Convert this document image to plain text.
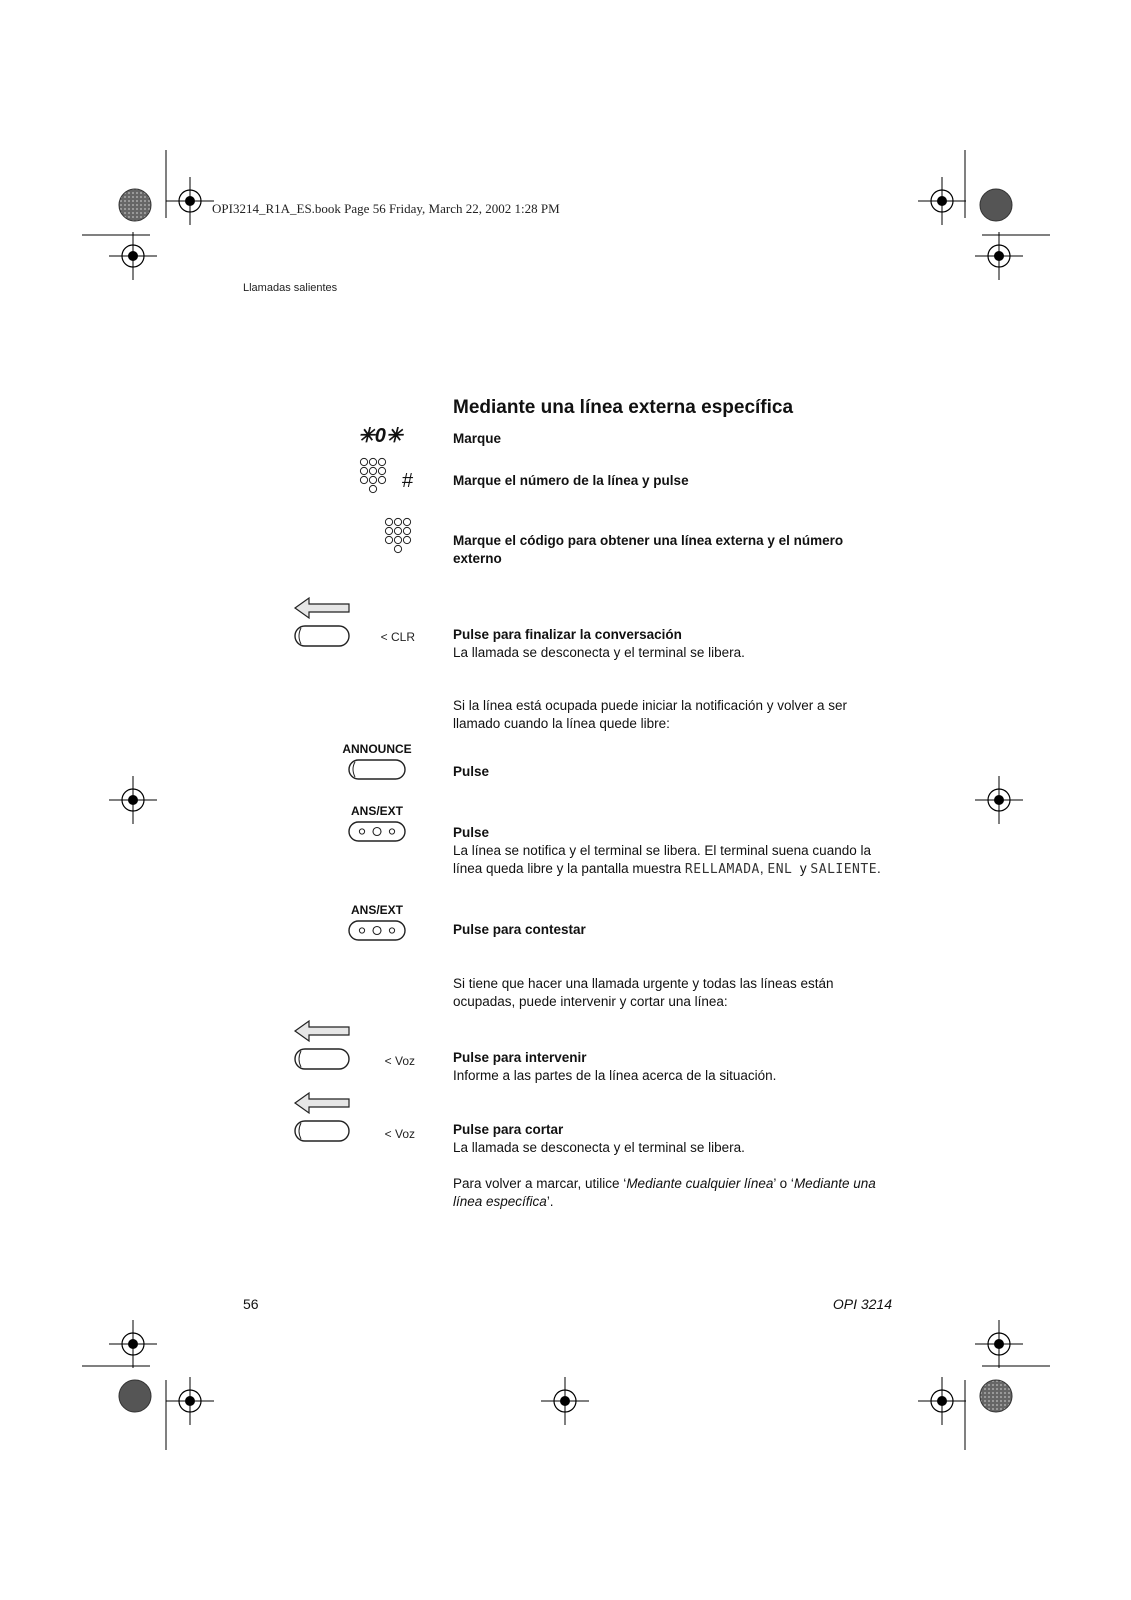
OPI3214_R1A_ES.book Page 56 Friday, March 22, 2002 1:28 PM
Llamadas salientes
Mediante una línea externa específica
✳0✳	Marque
#	Marque el número de la línea y pulse
Marque el código para obtener una línea externa y el número externo
< CLR	Pulse para finalizar la conversación
La llamada se desconecta y el terminal se libera.
Si la línea está ocupada puede iniciar la notificación y volver a ser llamado cuando la línea quede libre:
ANNOUNCE
Pulse
ANS/EXT
Pulse
La línea se notifica y el terminal se libera. El terminal suena cuando la línea queda libre y la pantalla muestra RELLAMADA, ENL y SALIENTE.
ANS/EXT
Pulse para contestar
Si tiene que hacer una llamada urgente y todas las líneas están ocupadas, puede intervenir y cortar una línea:
< Voz	Pulse para intervenir
Informe a las partes de la línea acerca de la situación.
< Voz	Pulse para cortar
La llamada se desconecta y el terminal se libera.
Para volver a marcar, utilice ‘Mediante cualquier línea’ o ‘Mediante una línea específica’.
56	OPI 3214
